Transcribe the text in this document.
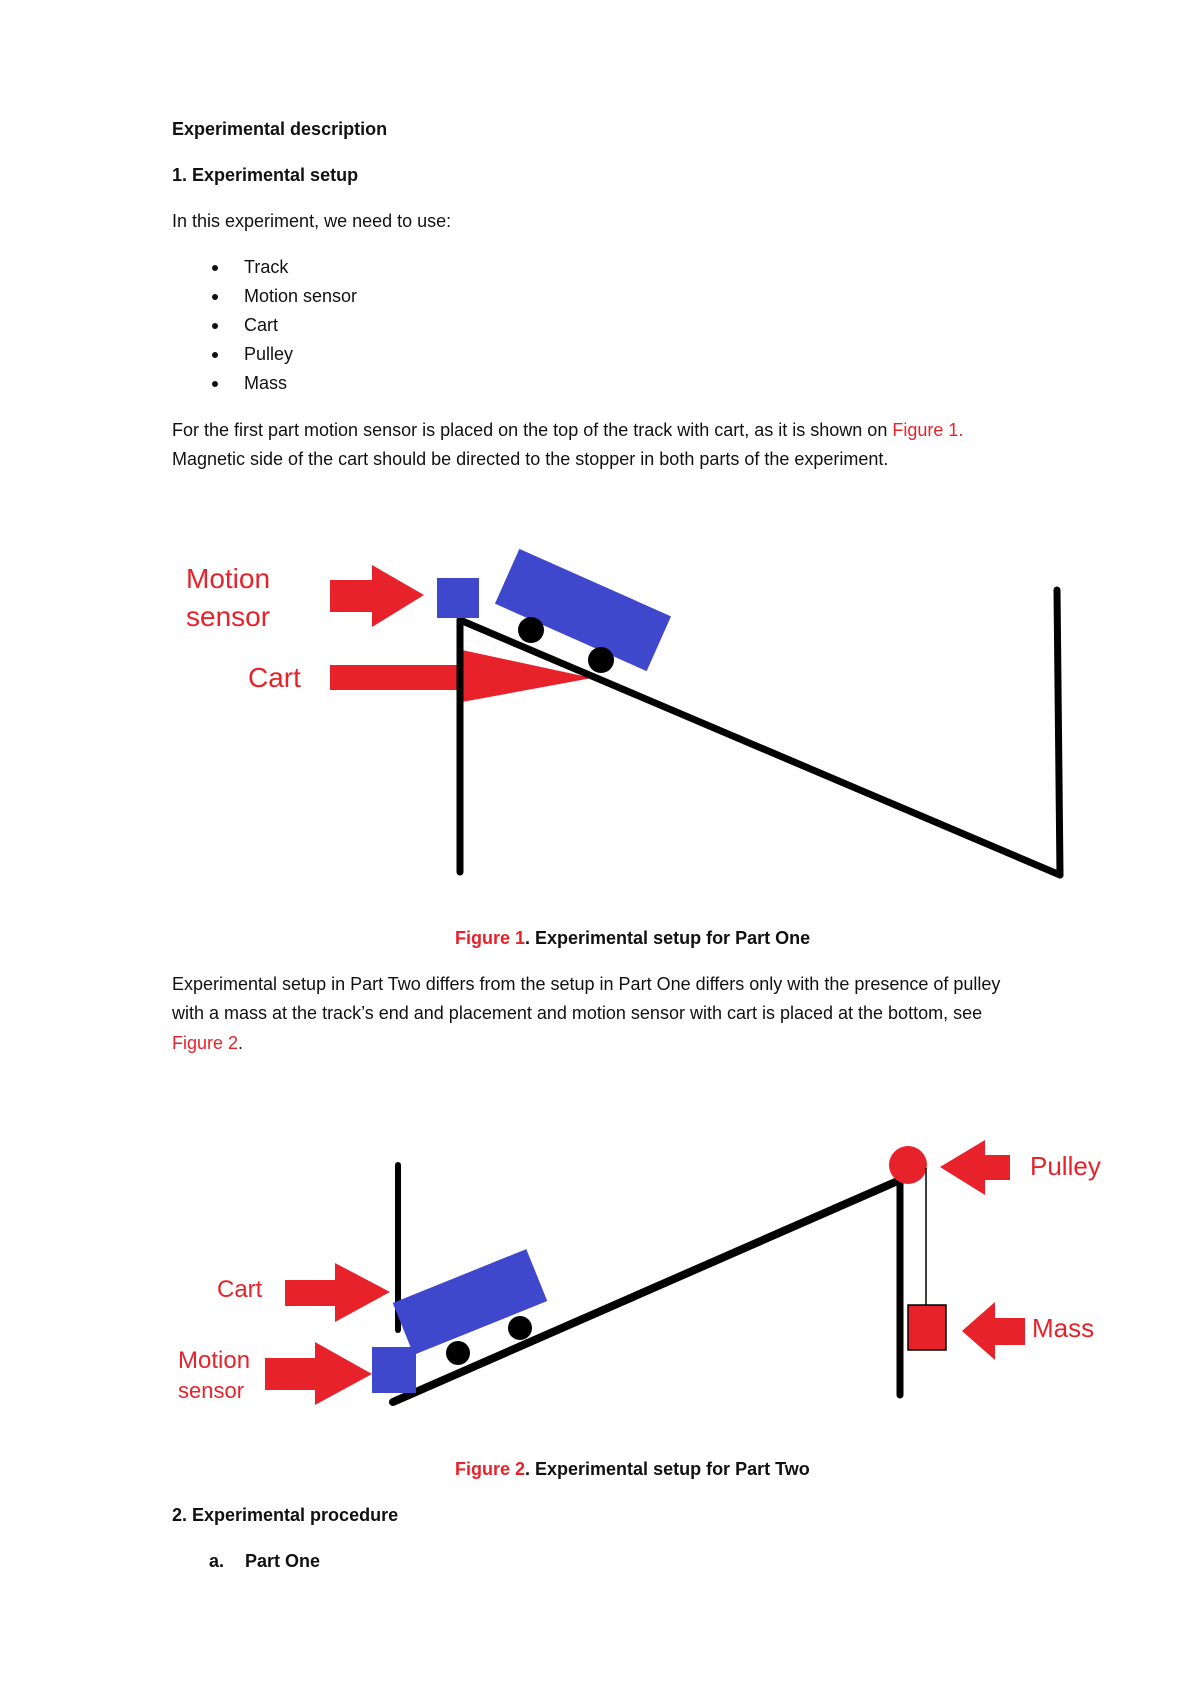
Experimental description
1. Experimental setup
In this experiment, we need to use:
Track
Motion sensor
Cart
Pulley
Mass
For the first part motion sensor is placed on the top of the track with cart, as it is shown on Figure 1.
Magnetic side of the cart should be directed to the stopper in both parts of the experiment.
Motion
sensor
Cart
Cart
Motion
sensor
Pulley
Mass
Figure 1. Experimental setup for Part One
Experimental setup in Part Two differs from the setup in Part One differs only with the presence of pulley
with a mass at the track’s end and placement and motion sensor with cart is placed at the bottom, see
Figure 2.
Figure 2. Experimental setup for Part Two
2. Experimental procedure
a. Part One
